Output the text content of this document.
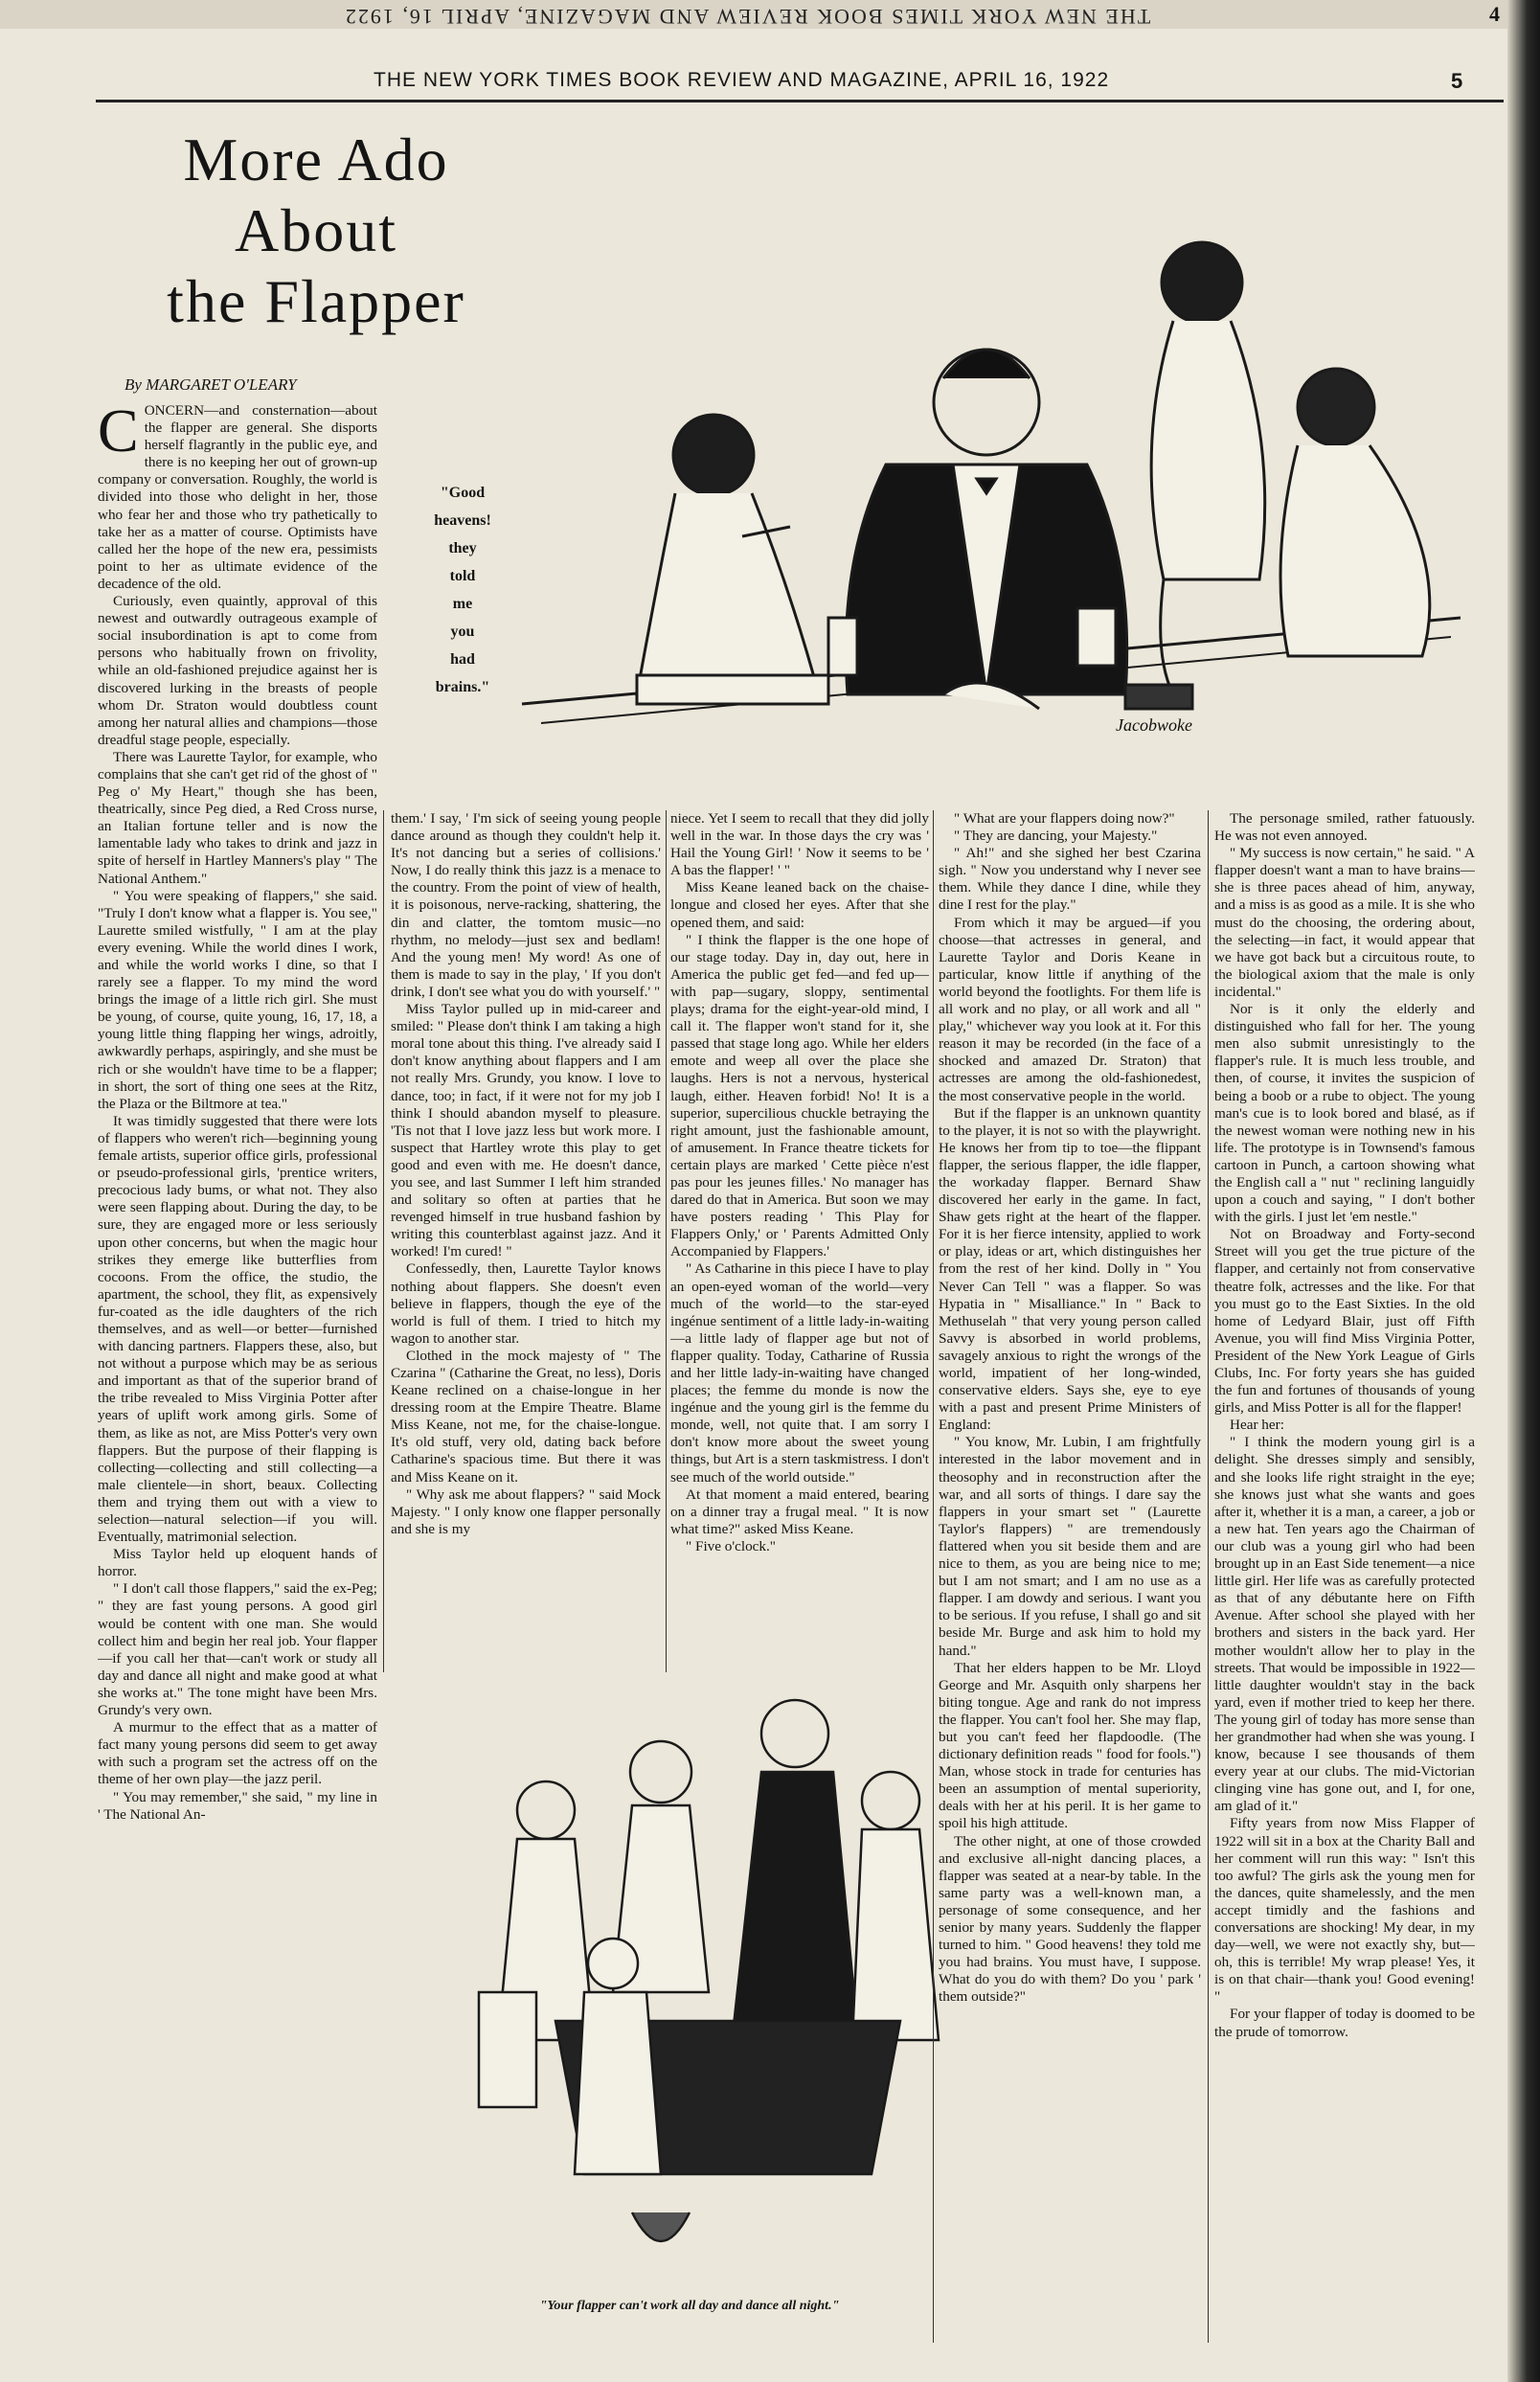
THE NEW YORK TIMES BOOK REVIEW AND MAGAZINE, APRIL 16, 1922	4
THE NEW YORK TIMES BOOK REVIEW AND MAGAZINE, APRIL 16, 1922	5
More Ado
About
the Flapper
By MARGARET O'LEARY
Jacobwoke
"Good
heavens!
they
told
me
you
had
brains."
"Your flapper can't work all day and dance all night."

CONCERN—and consternation—about the flapper are general. She disports herself flagrantly in the public eye, and there is no keeping her out of grown-up company or conversation. Roughly, the world is divided into those who delight in her, those who fear her and those who try pathetically to take her as a matter of course. Optimists have called her the hope of the new era, pessimists point to her as ultimate evidence of the decadence of the old.

Curiously, even quaintly, approval of this newest and outwardly outrageous example of social insubordination is apt to come from persons who habitually frown on frivolity, while an old-fashioned prejudice against her is discovered lurking in the breasts of people whom Dr. Straton would doubtless count among her natural allies and champions—those dreadful stage people, especially.

There was Laurette Taylor, for example, who complains that she can't get rid of the ghost of " Peg o' My Heart," though she has been, theatrically, since Peg died, a Red Cross nurse, an Italian fortune teller and is now the lamentable lady who takes to drink and jazz in spite of herself in Hartley Manners's play " The National Anthem."

" You were speaking of flappers," she said. "Truly I don't know what a flapper is. You see," Laurette smiled wistfully, " I am at the play every evening. While the world dines I work, and while the world works I dine, so that I rarely see a flapper. To my mind the word brings the image of a little rich girl. She must be young, of course, quite young, 16, 17, 18, a young little thing flapping her wings, adroitly, awkwardly perhaps, aspiringly, and she must be rich or she wouldn't have time to be a flapper; in short, the sort of thing one sees at the Ritz, the Plaza or the Biltmore at tea."

It was timidly suggested that there were lots of flappers who weren't rich—beginning young female artists, superior office girls, professional or pseudo-professional girls, 'prentice writers, precocious lady bums, or what not. They also were seen flapping about. During the day, to be sure, they are engaged more or less seriously upon other concerns, but when the magic hour strikes they emerge like butterflies from cocoons. From the office, the studio, the apartment, the school, they flit, as expensively fur-coated as the idle daughters of the rich themselves, and as well—or better—furnished with dancing partners. Flappers these, also, but not without a purpose which may be as serious and important as that of the superior brand of the tribe revealed to Miss Virginia Potter after years of uplift work among girls. Some of them, as like as not, are Miss Potter's very own flappers. But the purpose of their flapping is collecting—collecting and still collecting—a male clientele—in short, beaux. Collecting them and trying them out with a view to selection—natural selection—if you will. Eventually, matrimonial selection.

Miss Taylor held up eloquent hands of horror.

" I don't call those flappers," said the ex-Peg; " they are fast young persons. A good girl would be content with one man. She would collect him and begin her real job. Your flapper—if you call her that—can't work or study all day and dance all night and make good at what she works at." The tone might have been Mrs. Grundy's very own.

A murmur to the effect that as a matter of fact many young persons did seem to get away with such a program set the actress off on the theme of her own play—the jazz peril.

" You may remember," she said, " my line in ' The National An-

them.' I say, ' I'm sick of seeing young people dance around as though they couldn't help it. It's not dancing but a series of collisions.' Now, I do really think this jazz is a menace to the country. From the point of view of health, it is poisonous, nerve-racking, shattering, the din and clatter, the tomtom music—no rhythm, no melody—just sex and bedlam! And the young men! My word! As one of them is made to say in the play, ' If you don't drink, I don't see what you do with yourself.' "

Miss Taylor pulled up in mid-career and smiled: " Please don't think I am taking a high moral tone about this thing. I've already said I don't know anything about flappers and I am not really Mrs. Grundy, you know. I love to dance, too; in fact, if it were not for my job I think I should abandon myself to pleasure. 'Tis not that I love jazz less but work more. I suspect that Hartley wrote this play to get good and even with me. He doesn't dance, you see, and last Summer I left him stranded and solitary so often at parties that he revenged himself in true husband fashion by writing this counterblast against jazz. And it worked! I'm cured! "

Confessedly, then, Laurette Taylor knows nothing about flappers. She doesn't even believe in flappers, though the eye of the world is full of them. I tried to hitch my wagon to another star.

Clothed in the mock majesty of " The Czarina " (Catharine the Great, no less), Doris Keane reclined on a chaise-longue in her dressing room at the Empire Theatre. Blame Miss Keane, not me, for the chaise-longue. It's old stuff, very old, dating back before Catharine's spacious time. But there it was and Miss Keane on it.

" Why ask me about flappers? " said Mock Majesty. " I only know one flapper personally and she is my

niece. Yet I seem to recall that they did jolly well in the war. In those days the cry was ' Hail the Young Girl! ' Now it seems to be ' A bas the flapper! ' "

Miss Keane leaned back on the chaise-longue and closed her eyes. After that she opened them, and said:

" I think the flapper is the one hope of our stage today. Day in, day out, here in America the public get fed—and fed up—with pap—sugary, sloppy, sentimental plays; drama for the eight-year-old mind, I call it. The flapper won't stand for it, she passed that stage long ago. While her elders emote and weep all over the place she laughs. Hers is not a nervous, hysterical laugh, either. Heaven forbid! No! It is a superior, supercilious chuckle betraying the right amount, just the fashionable amount, of amusement. In France theatre tickets for certain plays are marked ' Cette pièce n'est pas pour les jeunes filles.' No manager has dared do that in America. But soon we may have posters reading ' This Play for Flappers Only,' or ' Parents Admitted Only Accompanied by Flappers.'

" As Catharine in this piece I have to play an open-eyed woman of the world—very much of the world—to the star-eyed ingénue sentiment of a little lady-in-waiting—a little lady of flapper age but not of flapper quality. Today, Catharine of Russia and her little lady-in-waiting have changed places; the femme du monde is now the ingénue and the young girl is the femme du monde, well, not quite that. I am sorry I don't know more about the sweet young things, but Art is a stern taskmistress. I don't see much of the world outside."

At that moment a maid entered, bearing on a dinner tray a frugal meal. " It is now what time?" asked Miss Keane.

" Five o'clock."

" What are your flappers doing now?"

" They are dancing, your Majesty."

" Ah!" and she sighed her best Czarina sigh. " Now you understand why I never see them. While they dance I dine, while they dine I rest for the play."

From which it may be argued—if you choose—that actresses in general, and Laurette Taylor and Doris Keane in particular, know little if anything of the world beyond the footlights. For them life is all work and no play, or all work and all " play," whichever way you look at it. For this reason it may be recorded (in the face of a shocked and amazed Dr. Straton) that actresses are among the old-fashionedest, the most conservative people in the world.

But if the flapper is an unknown quantity to the player, it is not so with the playwright. He knows her from tip to toe—the flippant flapper, the serious flapper, the idle flapper, the workaday flapper. Bernard Shaw discovered her early in the game. In fact, Shaw gets right at the heart of the flapper. For it is her fierce intensity, applied to work or play, ideas or art, which distinguishes her from the rest of her kind. Dolly in " You Never Can Tell " was a flapper. So was Hypatia in " Misalliance." In " Back to Methuselah " that very young person called Savvy is absorbed in world problems, savagely anxious to right the wrongs of the world, impatient of her long-winded, conservative elders. Says she, eye to eye with a past and present Prime Ministers of England:

" You know, Mr. Lubin, I am frightfully interested in the labor movement and in theosophy and in reconstruction after the war, and all sorts of things. I dare say the flappers in your smart set " (Laurette Taylor's flappers) " are tremendously flattered when you sit beside them and are nice to them, as you are being nice to me; but I am not smart; and I am no use as a flapper. I am dowdy and serious. I want you to be serious. If you refuse, I shall go and sit beside Mr. Burge and ask him to hold my hand."

That her elders happen to be Mr. Lloyd George and Mr. Asquith only sharpens her biting tongue. Age and rank do not impress the flapper. You can't fool her. She may flap, but you can't feed her flapdoodle. (The dictionary definition reads " food for fools.") Man, whose stock in trade for centuries has been an assumption of mental superiority, deals with her at his peril. It is her game to spoil his high attitude.

The other night, at one of those crowded and exclusive all-night dancing places, a flapper was seated at a near-by table. In the same party was a well-known man, a personage of some consequence, and her senior by many years. Suddenly the flapper turned to him. " Good heavens! they told me you had brains. You must have, I suppose. What do you do with them? Do you ' park ' them outside?"

The personage smiled, rather fatuously. He was not even annoyed.

" My success is now certain," he said. " A flapper doesn't want a man to have brains—she is three paces ahead of him, anyway, and a miss is as good as a mile. It is she who must do the choosing, the ordering about, the selecting—in fact, it would appear that we have got back but a circuitous route, to the biological axiom that the male is only incidental."

Nor is it only the elderly and distinguished who fall for her. The young men also submit unresistingly to the flapper's rule. It is much less trouble, and then, of course, it invites the suspicion of being a boob or a rube to object. The young man's cue is to look bored and blasé, as if the newest woman were nothing new in his life. The prototype is in Townsend's famous cartoon in Punch, a cartoon showing what the English call a " nut " reclining languidly upon a couch and saying, " I don't bother with the girls. I just let 'em nestle."

Not on Broadway and Forty-second Street will you get the true picture of the flapper, and certainly not from conservative theatre folk, actresses and the like. For that you must go to the East Sixties. In the old home of Ledyard Blair, just off Fifth Avenue, you will find Miss Virginia Potter, President of the New York League of Girls Clubs, Inc. For forty years she has guided the fun and fortunes of thousands of young girls, and Miss Potter is all for the flapper!

Hear her:

" I think the modern young girl is a delight. She dresses simply and sensibly, and she looks life right straight in the eye; she knows just what she wants and goes after it, whether it is a man, a career, a job or a new hat. Ten years ago the Chairman of our club was a young girl who had been brought up in an East Side tenement—a nice little girl. Her life was as carefully protected as that of any débutante here on Fifth Avenue. After school she played with her brothers and sisters in the back yard. Her mother wouldn't allow her to play in the streets. That would be impossible in 1922—little daughter wouldn't stay in the back yard, even if mother tried to keep her there. The young girl of today has more sense than her grandmother had when she was young. I know, because I see thousands of them every year at our clubs. The mid-Victorian clinging vine has gone out, and I, for one, am glad of it."

Fifty years from now Miss Flapper of 1922 will sit in a box at the Charity Ball and her comment will run this way: " Isn't this too awful? The girls ask the young men for the dances, quite shamelessly, and the men accept timidly and the fashions and conversations are shocking! My dear, in my day—well, we were not exactly shy, but—oh, this is terrible! My wrap please! Yes, it is on that chair—thank you! Good evening! "

For your flapper of today is doomed to be the prude of tomorrow.
